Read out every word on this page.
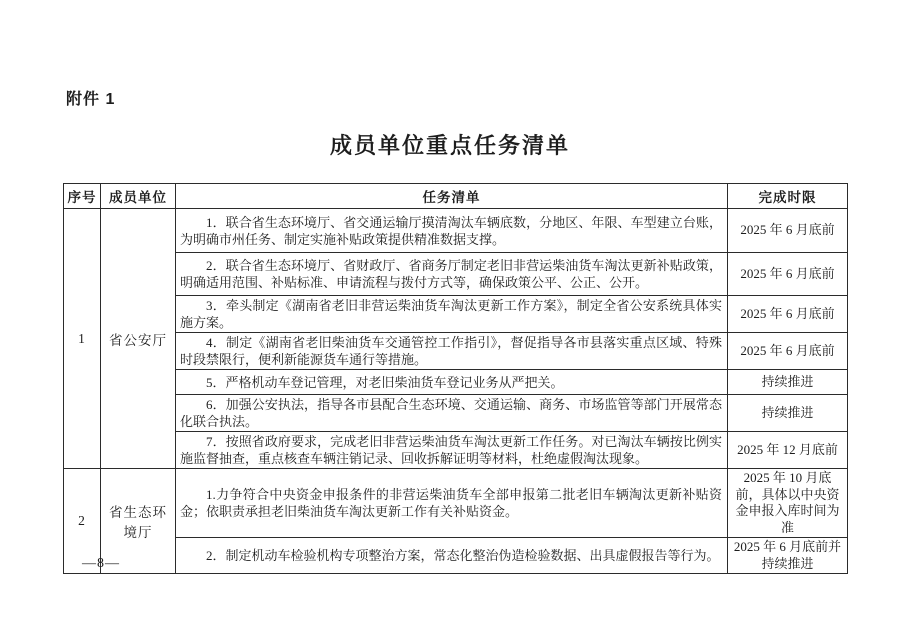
附件 1
成员单位重点任务清单
序号	成员单位	任务清单	完成时限
1	省公安厅	1．联合省生态环境厅、省交通运输厅摸清淘汰车辆底数，分地区、年限、车型建立台账，为明确市州任务、制定实施补贴政策提供精准数据支撑。	2025 年 6 月底前

		2．联合省生态环境厅、省财政厅、省商务厅制定老旧非营运柴油货车淘汰更新补贴政策，明确适用范围、补贴标准、申请流程与拨付方式等，确保政策公平、公正、公开。	2025 年 6 月底前

		3．牵头制定《湖南省老旧非营运柴油货车淘汰更新工作方案》，制定全省公安系统具体实施方案。	2025 年 6 月底前

		4．制定《湖南省老旧柴油货车交通管控工作指引》，督促指导各市县落实重点区域、特殊时段禁限行，便利新能源货车通行等措施。	2025 年 6 月底前

		5．严格机动车登记管理，对老旧柴油货车登记业务从严把关。	持续推进

		6．加强公安执法，指导各市县配合生态环境、交通运输、商务、市场监管等部门开展常态化联合执法。	持续推进

		7．按照省政府要求，完成老旧非营运柴油货车淘汰更新工作任务。对已淘汰车辆按比例实施监督抽查，重点核查车辆注销记录、回收拆解证明等材料，杜绝虚假淘汰现象。	2025 年 12 月底前
2	省生态环境厅	1.力争符合中央资金申报条件的非营运柴油货车全部申报第二批老旧车辆淘汰更新补贴资金；依职责承担老旧柴油货车淘汰更新工作有关补贴资金。	2025 年 10 月底前，具体以中央资金申报入库时间为准

		2．制定机动车检验机构专项整治方案，常态化整治伪造检验数据、出具虚假报告等行为。	2025 年 6 月底前并持续推进
—8—
